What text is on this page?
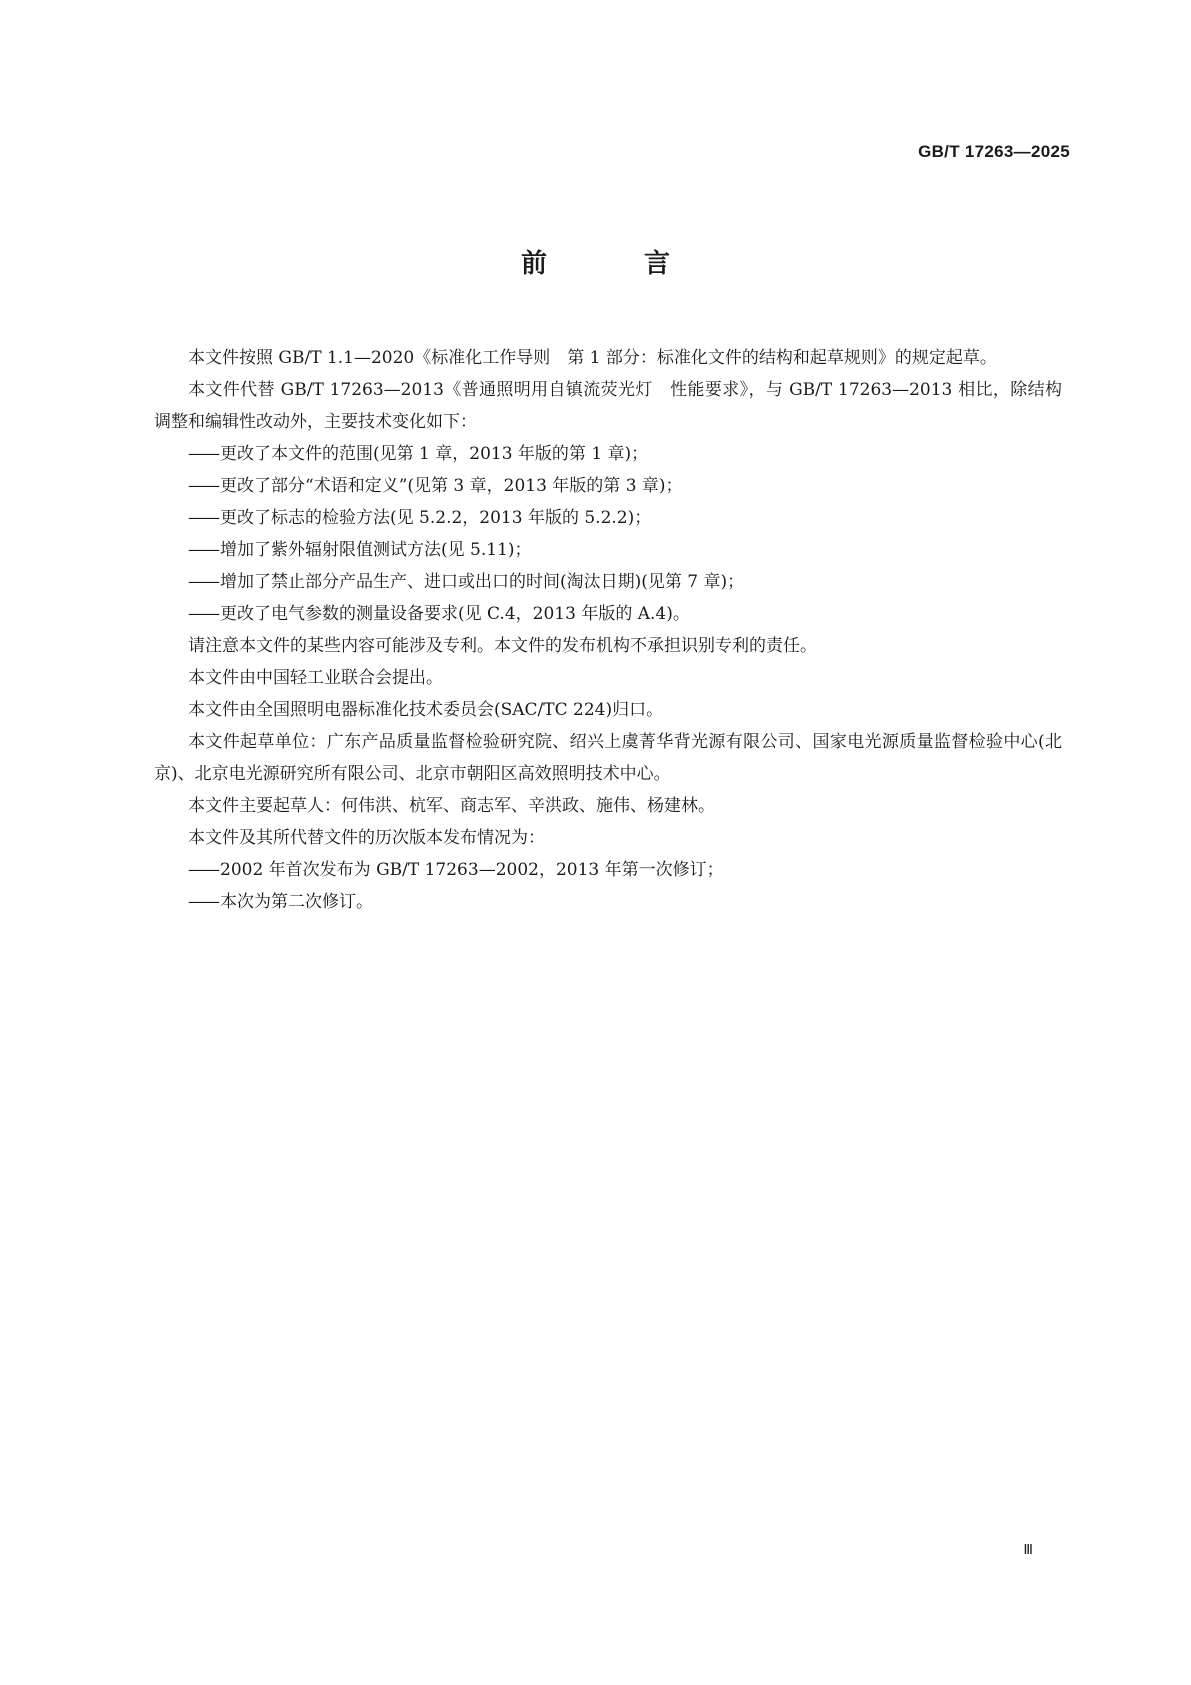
GB/T 17263—2025
前 言

本文件按照 GB/T 1.1—2020《标准化工作导则　第 1 部分：标准化文件的结构和起草规则》的规定起草。

本文件代替 GB/T 17263—2013《普通照明用自镇流荧光灯　性能要求》，与 GB/T 17263—2013 相比，除结构调整和编辑性改动外，主要技术变化如下：

—— 更改了本文件的范围(见第 1 章，2013 年版的第 1 章)；

—— 更改了部分“术语和定义”(见第 3 章，2013 年版的第 3 章)；

—— 更改了标志的检验方法(见 5.2.2，2013 年版的 5.2.2)；

—— 增加了紫外辐射限值测试方法(见 5.11)；

—— 增加了禁止部分产品生产、进口或出口的时间(淘汰日期)(见第 7 章)；

—— 更改了电气参数的测量设备要求(见 C.4，2013 年版的 A.4)。

请注意本文件的某些内容可能涉及专利。本文件的发布机构不承担识别专利的责任。

本文件由中国轻工业联合会提出。

本文件由全国照明电器标准化技术委员会(SAC/TC 224)归口。

本文件起草单位：广东产品质量监督检验研究院、绍兴上虞菁华背光源有限公司、国家电光源质量监督检验中心(北京)、北京电光源研究所有限公司、北京市朝阳区高效照明技术中心。

本文件主要起草人：何伟洪、杭军、商志军、辛洪政、施伟、杨建林。

本文件及其所代替文件的历次版本发布情况为：

—— 2002 年首次发布为 GB/T 17263—2002，2013 年第一次修订；

—— 本次为第二次修订。

Ⅲ
